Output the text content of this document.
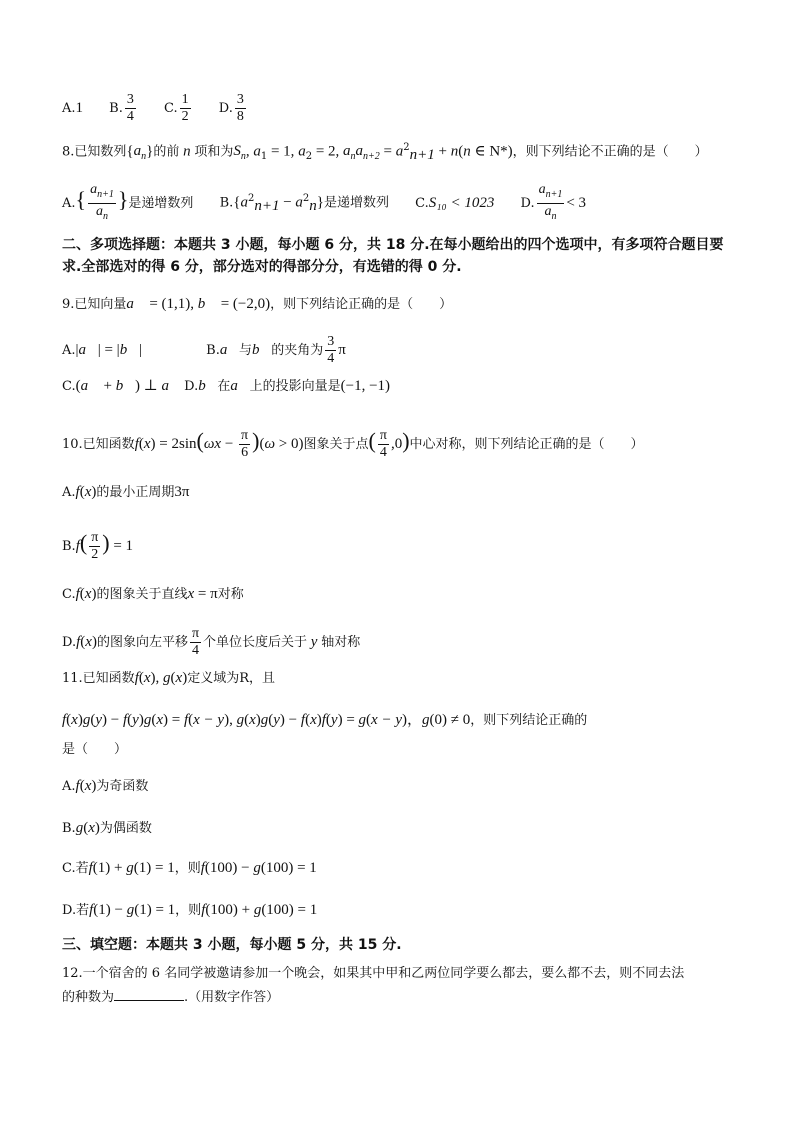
A.1 B. $\frac{3}{4} C$. $\frac{1}{2} D$. $\frac{3}{8}$
8.已知数列$\{a_n\}$的前 n 项和为$S_n$, $a_1 = 1$, $a_2 = 2$, $a_na_{n+2} = a^2_{n+1} + n(n$ ∈ N*)，则下列结论不正确的是（　　）
$A.\{ \frac{a_{n+1}}{a_n}$ }是递增数列 $B.\{a^2_{n+1} - a^2_n\}$是递增数列 C.S₁₀ < 1023 D. $\frac{a_{n+1}}{a_n} < 3$
二、多项选择题：本题共 3 小题，每小题 6 分，共 18 分.在每小题给出的四个选项中，有多项符合题目要求.全部选对的得 6 分，部分选对的得部分分，有选错的得 0 分.
9.已知向量a⃗ = (1,1), b⃗ = (−2,0)，则下列结论正确的是（　　）
A.|a⃗| = |b⃗|	B.a⃗与b⃗的夹角为 $\frac{3}{4}$ π
C.(a⃗ + b⃗) ⊥ a⃗ D.b⃗在a⃗上的投影向量是(−1, −1)
10.已知函数$f(x) = 2\sin(\omega x - \frac{\pi}{6} )(\omega > 0)$图象关于点( $\frac{\pi}{4} ,0$)中心对称，则下列结论正确的是（　　）
A.f(x)的最小正周期3π
$B.f( \frac{\pi}{2}$ ) = 1
C.f(x)的图象关于直线x = π对称
D.f(x)的图象向左平移 $\frac{\pi}{4}$ 个单位长度后关于 y 轴对称
11.已知函数f(x), g(x)定义域为R，且
f(x)g(y) − f(y)g(x) = f(x − y), g(x)g(y) − f(x)f(y) = g(x − y)，g(0) ≠ 0，则下列结论正确的
是（　　）
A.f(x)为奇函数
B.g(x)为偶函数
C.若f(1) + g(1) = 1，则f(100) − g(100) = 1
D.若f(1) − g(1) = 1，则f(100) + g(100) = 1
三、填空题：本题共 3 小题，每小题 5 分，共 15 分.
12.一个宿舍的 6 名同学被邀请参加一个晚会，如果其中甲和乙两位同学要么都去，要么都不去，则不同去法
的种数为	.（用数字作答）
